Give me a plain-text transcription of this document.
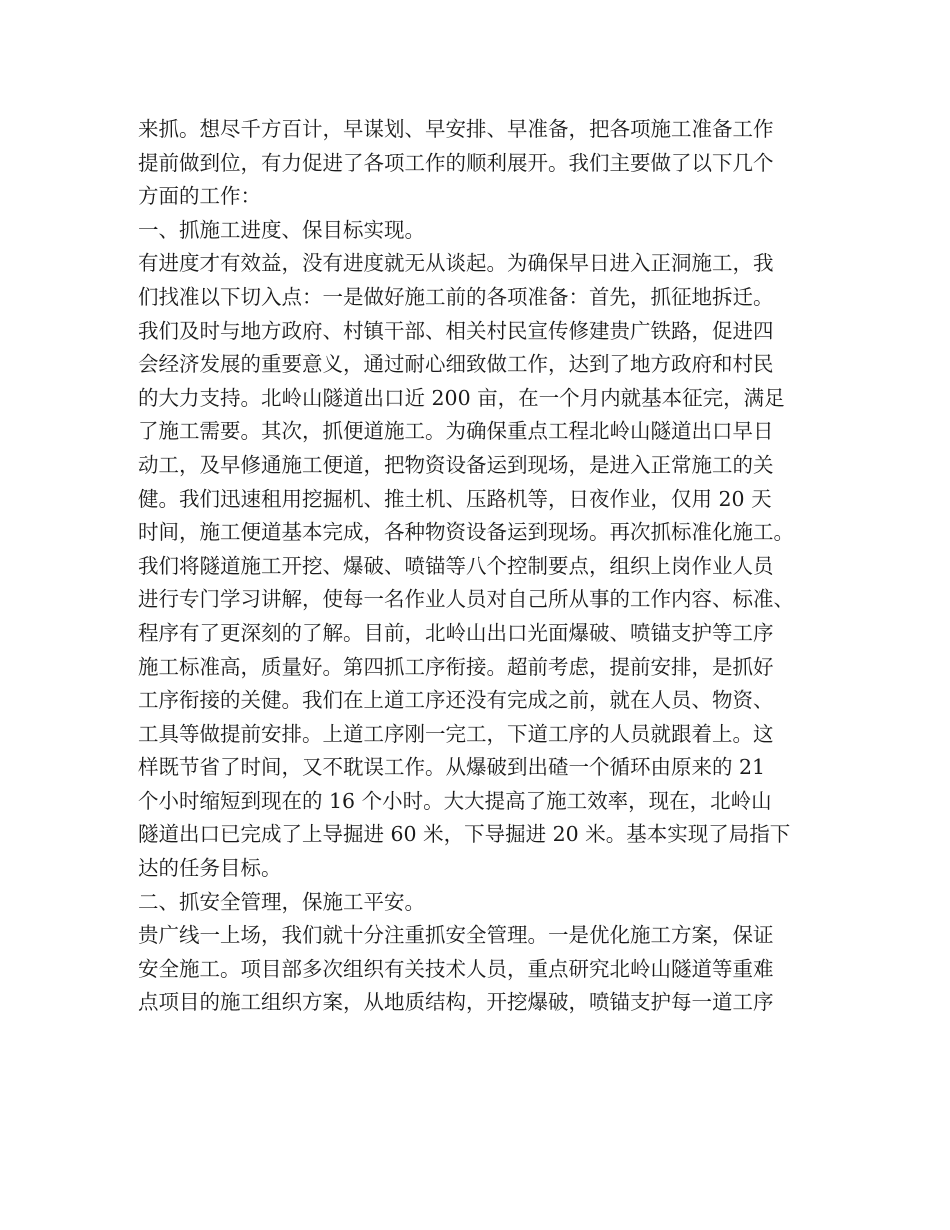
来抓。想尽千方百计，早谋划、早安排、早准备，把各项施工准备工作
提前做到位，有力促进了各项工作的顺利展开。我们主要做了以下几个
方面的工作：
一、抓施工进度、保目标实现。
有进度才有效益，没有进度就无从谈起。为确保早日进入正洞施工，我
们找准以下切入点：一是做好施工前的各项准备：首先，抓征地拆迁。
我们及时与地方政府、村镇干部、相关村民宣传修建贵广铁路，促进四
会经济发展的重要意义，通过耐心细致做工作，达到了地方政府和村民
的大力支持。北岭山隧道出口近 200 亩，在一个月内就基本征完，满足
了施工需要。其次，抓便道施工。为确保重点工程北岭山隧道出口早日
动工，及早修通施工便道，把物资设备运到现场，是进入正常施工的关
健。我们迅速租用挖掘机、推土机、压路机等，日夜作业，仅用 20 天
时间，施工便道基本完成，各种物资设备运到现场。再次抓标准化施工。
我们将隧道施工开挖、爆破、喷锚等八个控制要点，组织上岗作业人员
进行专门学习讲解，使每一名作业人员对自己所从事的工作内容、标准、
程序有了更深刻的了解。目前，北岭山出口光面爆破、喷锚支护等工序
施工标准高，质量好。第四抓工序衔接。超前考虑，提前安排，是抓好
工序衔接的关健。我们在上道工序还没有完成之前，就在人员、物资、
工具等做提前安排。上道工序刚一完工，下道工序的人员就跟着上。这
样既节省了时间，又不耽误工作。从爆破到出碴一个循环由原来的 21
个小时缩短到现在的 16 个小时。大大提高了施工效率，现在，北岭山
隧道出口已完成了上导掘进 60 米，下导掘进 20 米。基本实现了局指下
达的任务目标。
二、抓安全管理，保施工平安。
贵广线一上场，我们就十分注重抓安全管理。一是优化施工方案，保证
安全施工。项目部多次组织有关技术人员，重点研究北岭山隧道等重难
点项目的施工组织方案，从地质结构，开挖爆破，喷锚支护每一道工序
